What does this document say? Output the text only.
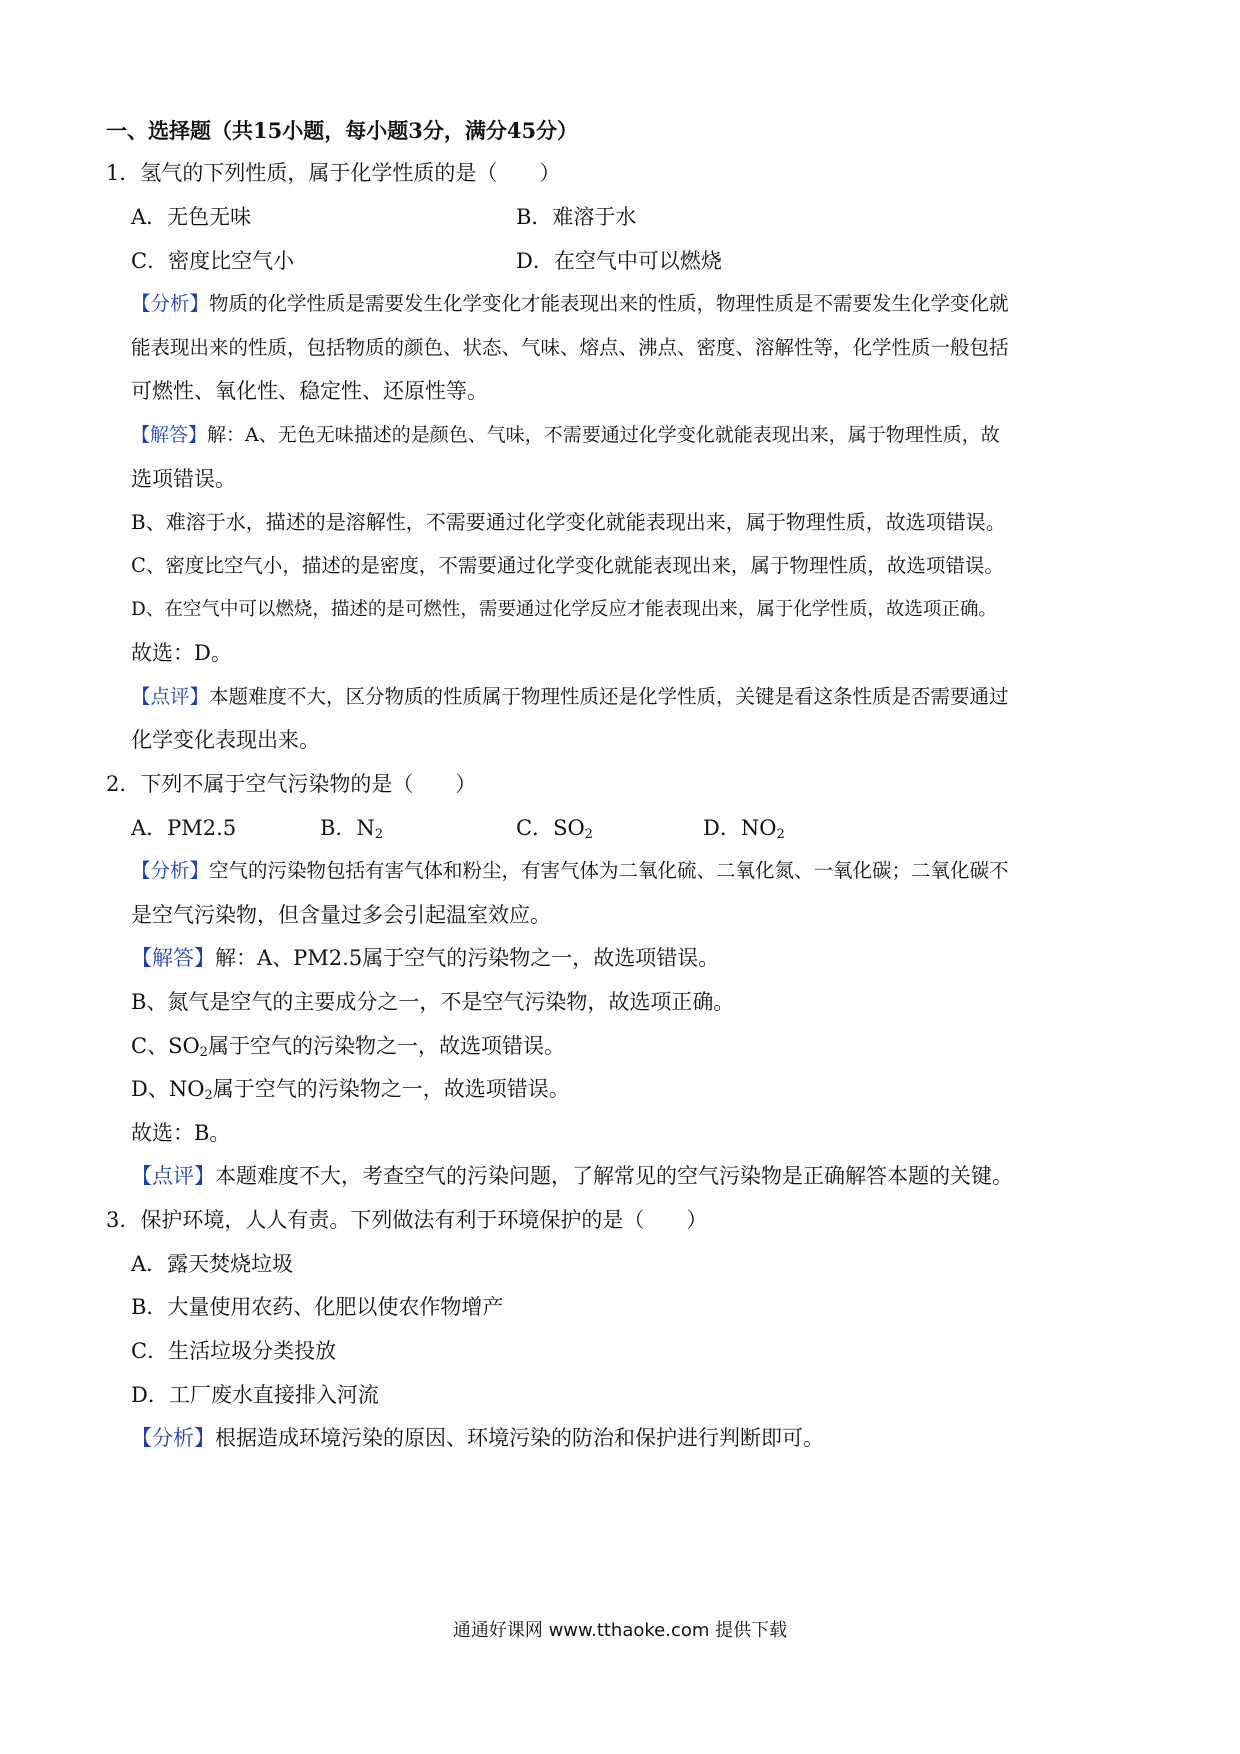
一、选择题（共15小题，每小题3分，满分45分）
1．氢气的下列性质，属于化学性质的是（　　）
A．无色无味	B．难溶于水
C．密度比空气小	D．在空气中可以燃烧
【分析】物质的化学性质是需要发生化学变化才能表现出来的性质，物理性质是不需要发生化学变化就
能表现出来的性质，包括物质的颜色、状态、气味、熔点、沸点、密度、溶解性等，化学性质一般包括
可燃性、氧化性、稳定性、还原性等。
【解答】解：A、无色无味描述的是颜色、气味，不需要通过化学变化就能表现出来，属于物理性质，故
选项错误。
B、难溶于水，描述的是溶解性，不需要通过化学变化就能表现出来，属于物理性质，故选项错误。
C、密度比空气小，描述的是密度，不需要通过化学变化就能表现出来，属于物理性质，故选项错误。
D、在空气中可以燃烧，描述的是可燃性，需要通过化学反应才能表现出来，属于化学性质，故选项正确。
故选：D。
【点评】本题难度不大，区分物质的性质属于物理性质还是化学性质，关键是看这条性质是否需要通过
化学变化表现出来。
2．下列不属于空气污染物的是（　　）
A．PM2.5	B．$N_2$	C．$SO_2$	D．$NO_2$
【分析】空气的污染物包括有害气体和粉尘，有害气体为二氧化硫、二氧化氮、一氧化碳；二氧化碳不
是空气污染物，但含量过多会引起温室效应。
【解答】解：A、PM2.5属于空气的污染物之一，故选项错误。
B、氮气是空气的主要成分之一，不是空气污染物，故选项正确。
C、$SO_2$属于空气的污染物之一，故选项错误。
D、$NO_2$属于空气的污染物之一，故选项错误。
故选：B。
【点评】本题难度不大，考查空气的污染问题，了解常见的空气污染物是正确解答本题的关键。
3．保护环境，人人有责。下列做法有利于环境保护的是（　　）
A．露天焚烧垃圾
B．大量使用农药、化肥以使农作物增产
C．生活垃圾分类投放
D．工厂废水直接排入河流
【分析】根据造成环境污染的原因、环境污染的防治和保护进行判断即可。
通通好课网 www.tthaoke.com 提供下载
